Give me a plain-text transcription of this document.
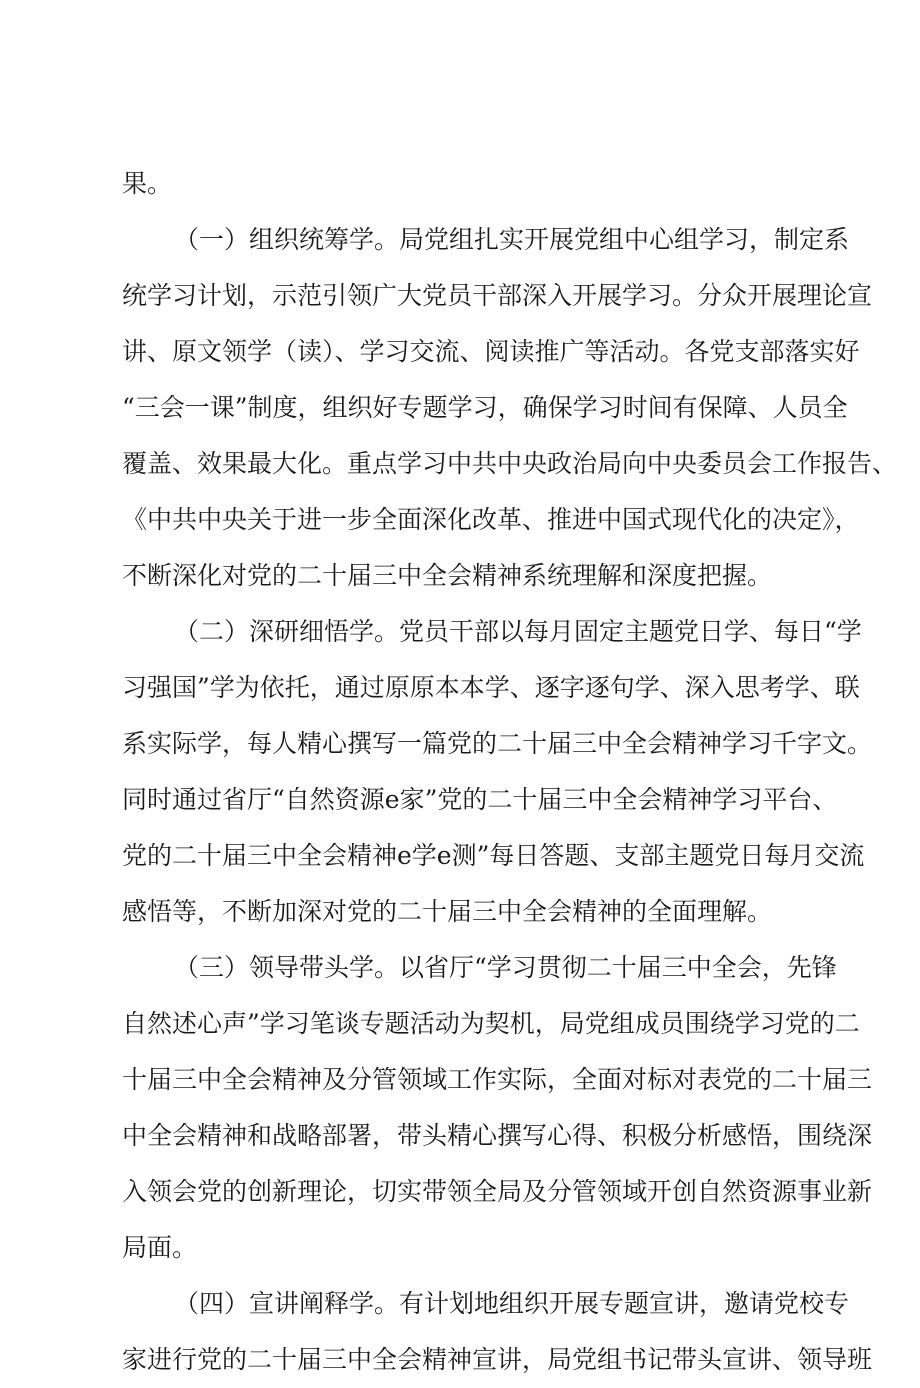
果。
（一）组织统筹学。局党组扎实开展党组中心组学习，制定系
统学习计划，示范引领广大党员干部深入开展学习。分众开展理论宣
讲、原文领学（读）、学习交流、阅读推广等活动。各党支部落实好
“三会一课”制度，组织好专题学习，确保学习时间有保障、人员全
覆盖、效果最大化。重点学习中共中央政治局向中央委员会工作报告、
《中共中央关于进一步全面深化改革、推进中国式现代化的决定》，
不断深化对党的二十届三中全会精神系统理解和深度把握。
（二）深研细悟学。党员干部以每月固定主题党日学、每日“学
习强国”学为依托，通过原原本本学、逐字逐句学、深入思考学、联
系实际学，每人精心撰写一篇党的二十届三中全会精神学习千字文。
同时通过省厅“自然资源e家”党的二十届三中全会精神学习平台、
党的二十届三中全会精神e学e测”每日答题、支部主题党日每月交流
感悟等，不断加深对党的二十届三中全会精神的全面理解。
（三）领导带头学。以省厅“学习贯彻二十届三中全会，先锋
自然述心声”学习笔谈专题活动为契机，局党组成员围绕学习党的二
十届三中全会精神及分管领域工作实际，全面对标对表党的二十届三
中全会精神和战略部署，带头精心撰写心得、积极分析感悟，围绕深
入领会党的创新理论，切实带领全局及分管领域开创自然资源事业新
局面。
（四）宣讲阐释学。有计划地组织开展专题宣讲，邀请党校专
家进行党的二十届三中全会精神宣讲，局党组书记带头宣讲、领导班
